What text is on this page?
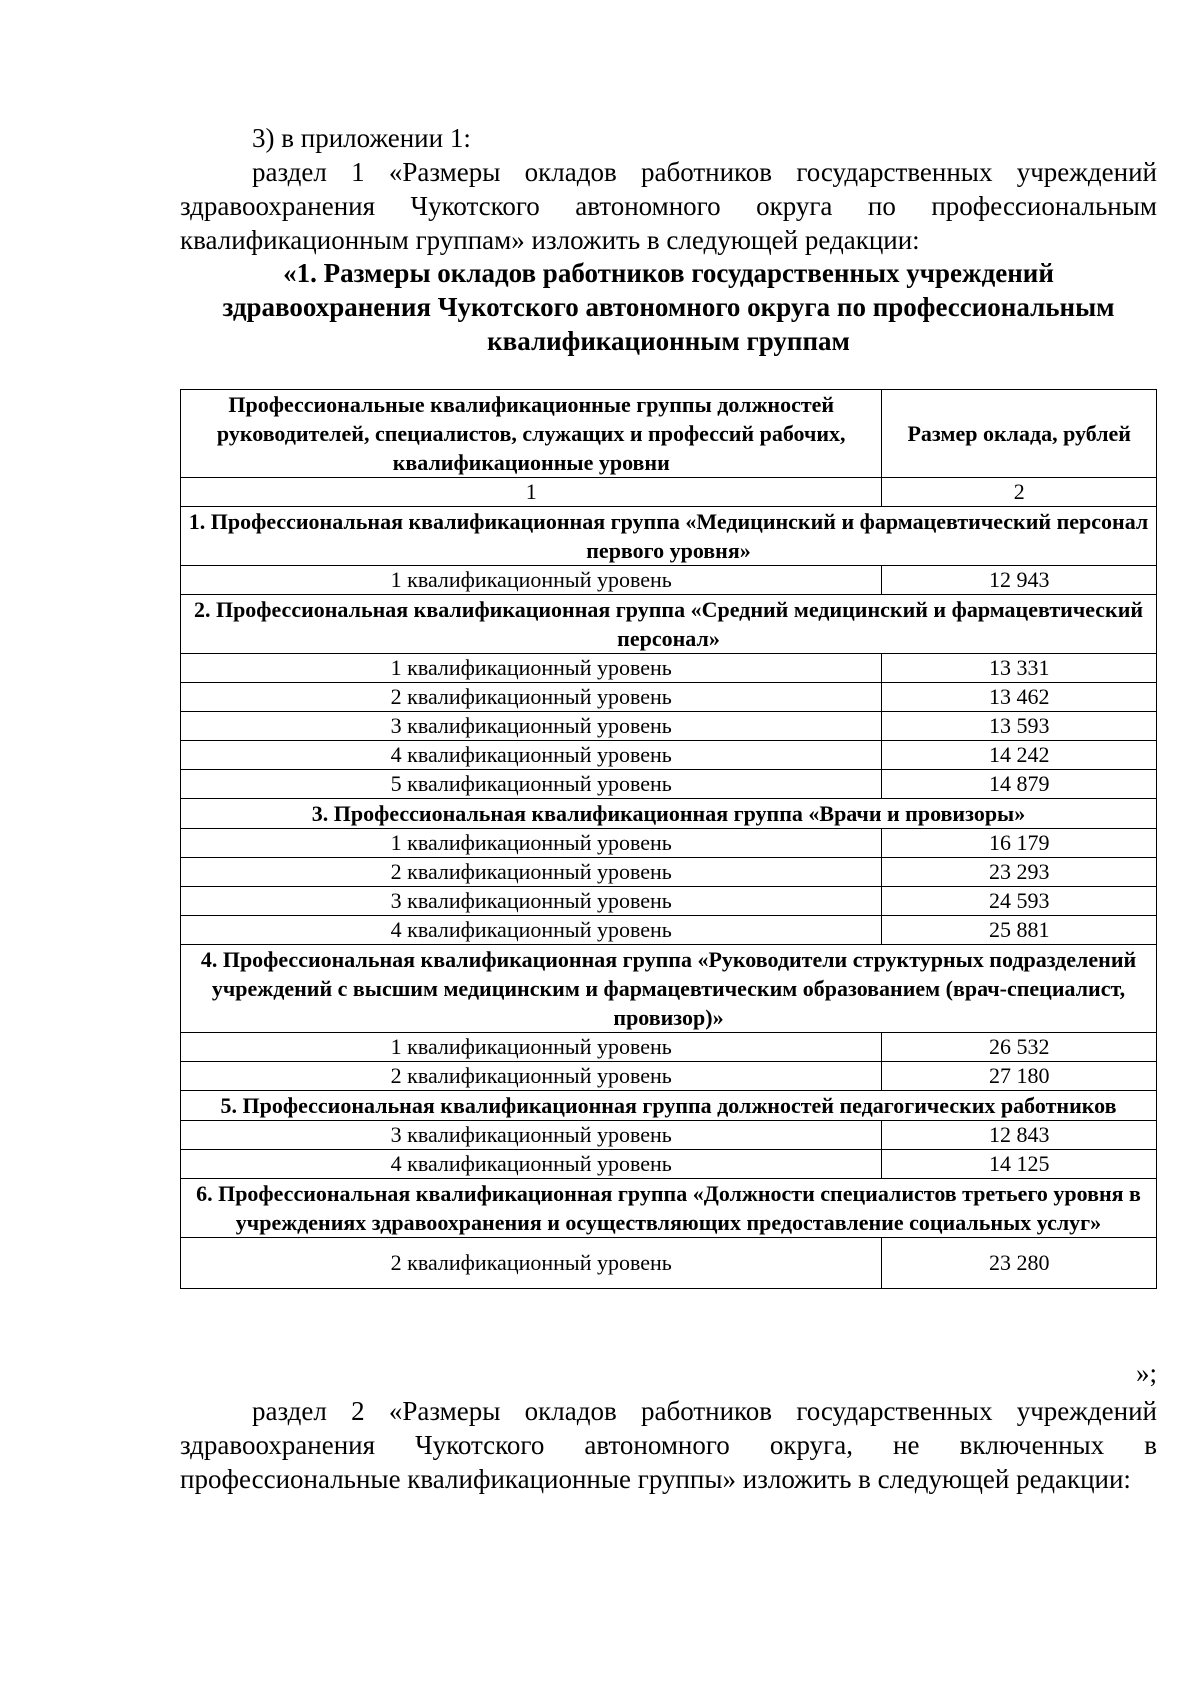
3) в приложении 1:

раздел 1 «Размеры окладов работников государственных учреждений здравоохранения Чукотского автономного округа по профессиональным квалификационным группам» изложить в следующей редакции:

«1. Размеры окладов работников государственных учреждений здравоохранения Чукотского автономного округа по профессиональным квалификационным группам

Профессиональные квалификационные группы должностей руководителей, специалистов, служащих и профессий рабочих, квалификационные уровни	Размер оклада, рублей
1	2
1. Профессиональная квалификационная группа «Медицинский и фармацевтический персонал первого уровня»	
1 квалификационный уровень	12 943
2. Профессиональная квалификационная группа «Средний медицинский и фармацевтический персонал»	
1 квалификационный уровень	13 331
2 квалификационный уровень	13 462
3 квалификационный уровень	13 593
4 квалификационный уровень	14 242
5 квалификационный уровень	14 879
3. Профессиональная квалификационная группа «Врачи и провизоры»	
1 квалификационный уровень	16 179
2 квалификационный уровень	23 293
3 квалификационный уровень	24 593
4 квалификационный уровень	25 881
4. Профессиональная квалификационная группа «Руководители структурных подразделений учреждений с высшим медицинским и фармацевтическим образованием (врач-специалист, провизор)»	
1 квалификационный уровень	26 532
2 квалификационный уровень	27 180
5. Профессиональная квалификационная группа должностей педагогических работников	
3 квалификационный уровень	12 843
4 квалификационный уровень	14 125
6. Профессиональная квалификационная группа «Должности специалистов третьего уровня в учреждениях здравоохранения и осуществляющих предоставление социальных услуг»	
2 квалификационный уровень	23 280
»;

раздел 2 «Размеры окладов работников государственных учреждений здравоохранения Чукотского автономного округа, не включенных в профессиональные квалификационные группы» изложить в следующей редакции:
